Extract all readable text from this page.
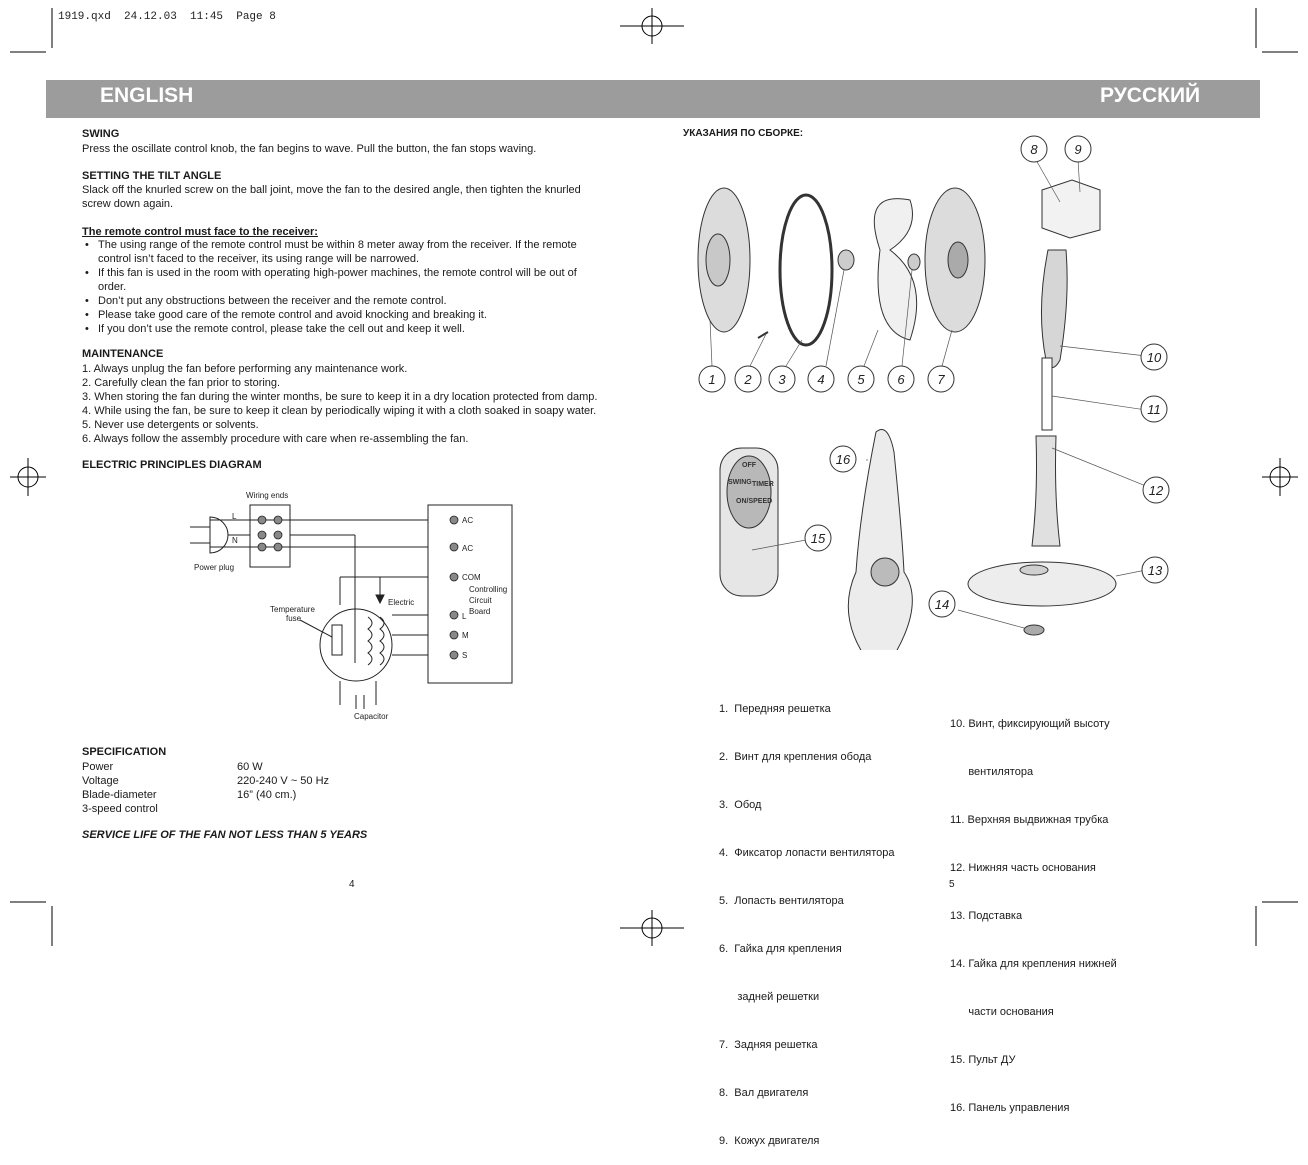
1919.qxd  24.12.03  11:45  Page 8
ENGLISH	РУССКИЙ
SWING
Press the oscillate control knob, the fan begins to wave. Pull the button, the fan stops waving.
SETTING THE TILT ANGLE
Slack off the knurled screw on the ball joint, move the fan to the desired angle, then tighten the knurled
screw down again.
The remote control must face to the receiver:
• The using range of the remote control must be within 8 meter away from the receiver. If the remote
control isn’t faced to the receiver, its using range will be narrowed.
• If this fan is used in the room with operating high-power machines, the remote control will be out of
order.
• Don’t put any obstructions between the receiver and the remote control.
• Please take good care of the remote control and avoid knocking and breaking it.
• If you don’t use the remote control, please take the cell out and keep it well.
MAINTENANCE
1. Always unplug the fan before performing any maintenance work.
2. Carefully clean the fan prior to storing.
3. When storing the fan during the winter months, be sure to keep it in a dry location protected from damp.
4. While using the fan, be sure to keep it clean by periodically wiping it with a cloth soaked in soapy water.
5. Never use detergents or solvents.
6. Always follow the assembly procedure with care when re-assembling the fan.
ELECTRIC PRINCIPLES DIAGRAM
Wiring ends
Power plug
L
N
Temperature
fuse
Electric
Capacitor
AC
AC
COM
Controlling
Circuit
Board
L
M
S
SPECIFICATION
Power	60 W
Voltage	220-240 V ~ 50 Hz
Blade-diameter	16” (40 cm.)
3-speed control
SERVICE LIFE OF THE FAN NOT LESS THAN 5 YEARS
4	5
УКАЗАНИЯ ПО СБОРКЕ:
OFF
SWING TIMER
ON/SPEED
1 2 3 4	5	6	7
8	9
10
11
12
13
14
15
16

1.  Передняя решетка

2.  Винт для крепления обода

3.  Обод

4.  Фиксатор лопасти вентилятора

5.  Лопасть вентилятора

6.  Гайка для крепления

задней решетки

7.  Задняя решетка

8.  Вал двигателя

9.  Кожух двигателя

10. Винт, фиксирующий высоту

вентилятора

11. Верхняя выдвижная трубка

12. Нижняя часть основания

13. Подставка

14. Гайка для крепления нижней

части основания

15. Пульт ДУ

16. Панель управления
